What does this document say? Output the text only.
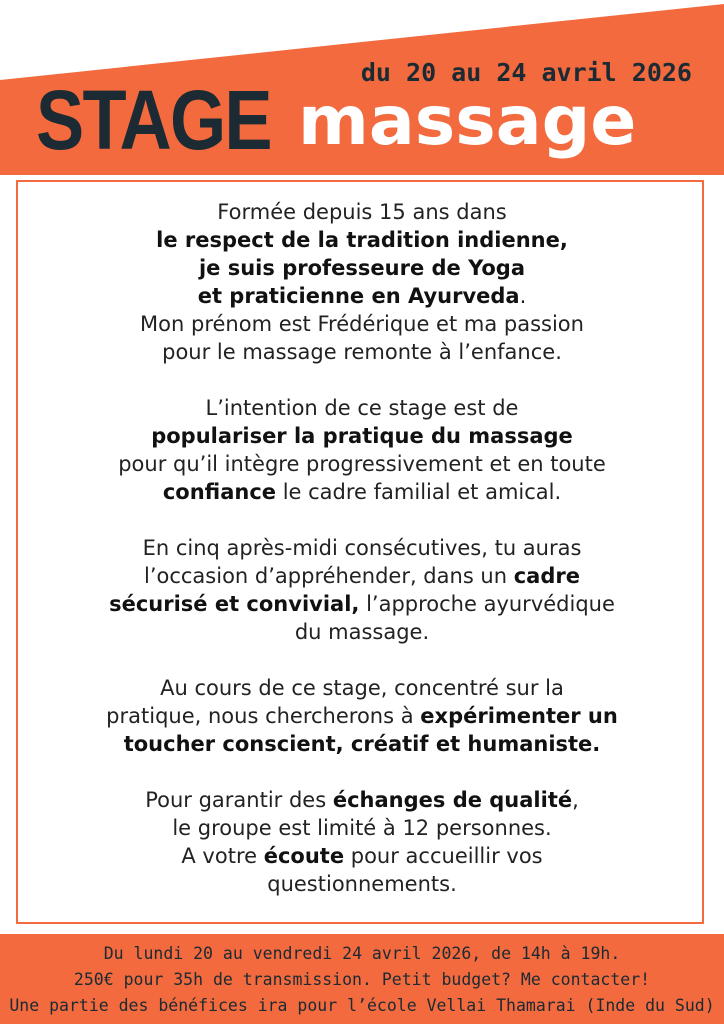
du 20 au 24 avril 2026
STAGE massage

Formée depuis 15 ans dans
le respect de la tradition indienne,
je suis professeure de Yoga
et praticienne en Ayurveda.
Mon prénom est Frédérique et ma passion
pour le massage remonte à l’enfance.

L’intention de ce stage est de
populariser la pratique du massage
pour qu’il intègre progressivement et en toute
confiance le cadre familial et amical.

En cinq après-midi consécutives, tu auras
l’occasion d’appréhender, dans un cadre
sécurisé et convivial, l’approche ayurvédique
du massage.

Au cours de ce stage, concentré sur la
pratique, nous chercherons à expérimenter un
toucher conscient, créatif et humaniste.

Pour garantir des échanges de qualité,
le groupe est limité à 12 personnes.
A votre écoute pour accueillir vos
questionnements.

Du lundi 20 au vendredi 24 avril 2026, de 14h à 19h.
250€ pour 35h de transmission. Petit budget? Me contacter!
Une partie des bénéfices ira pour l’école Vellai Thamarai (Inde du Sud)
